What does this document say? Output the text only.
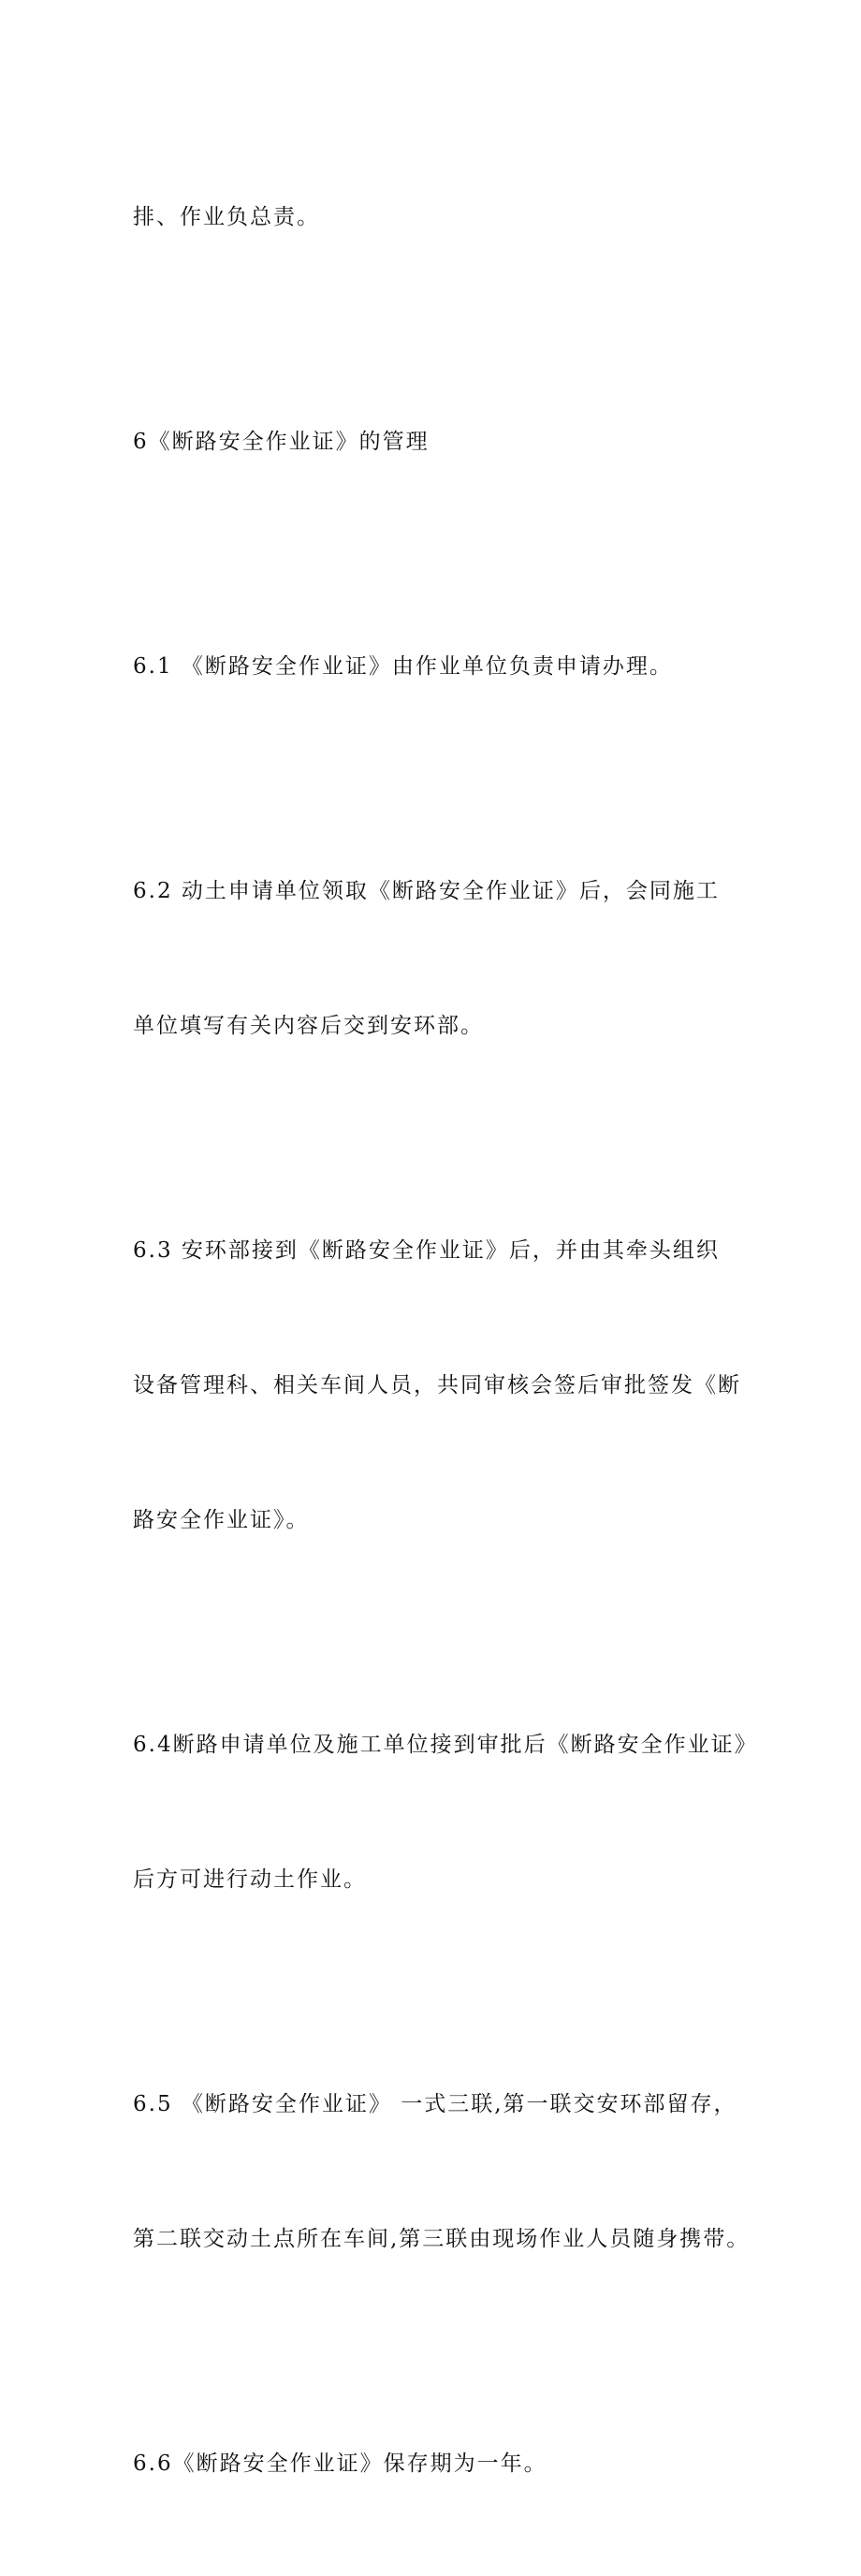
排、作业负总责。

6《断路安全作业证》的管理

6.1 《断路安全作业证》由作业单位负责申请办理。

6.2 动土申请单位领取《断路安全作业证》后，会同施工

单位填写有关内容后交到安环部。

6.3 安环部接到《断路安全作业证》后，并由其牵头组织

设备管理科、相关车间人员，共同审核会签后审批签发《断

路安全作业证》。

6.4断路申请单位及施工单位接到审批后《断路安全作业证》

后方可进行动土作业。

6.5 《断路安全作业证》 一式三联,第一联交安环部留存，

第二联交动土点所在车间,第三联由现场作业人员随身携带。

6.6《断路安全作业证》保存期为一年。
